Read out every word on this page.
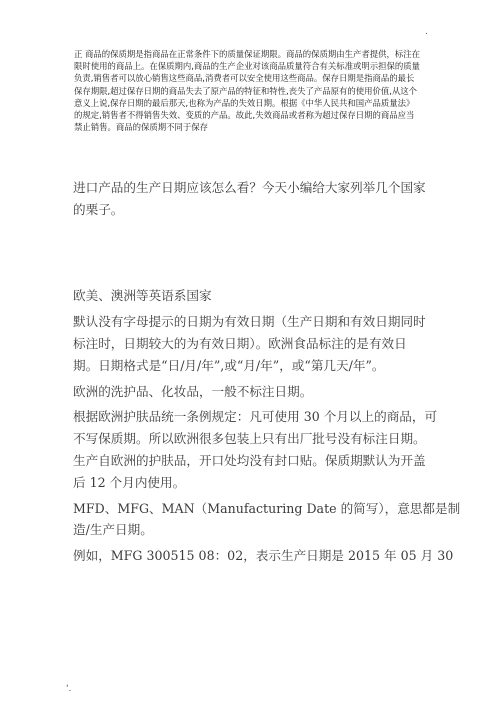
.
正 商品的保质期是指商品在正常条件下的质量保证期限。商品的保质期由生产者提供，标注在
限时使用的商品上。在保质期内,商品的生产企业对该商品质量符合有关标准或明示担保的质量
负责,销售者可以放心销售这些商品,消费者可以安全使用这些商品。保存日期是指商品的最长
保存期限,超过保存日期的商品失去了原产品的特征和特性,丧失了产品原有的使用价值,从这个
意义上说,保存日期的最后那天,也称为产品的失效日期。根据《中华人民共和国产品质量法》
的规定,销售者不得销售失效、变质的产品。故此,失效商品或者称为超过保存日期的商品应当
禁止销售。商品的保质期不同于保存

进口产品的生产日期应该怎么看？今天小编给大家列举几个国家
的栗子。

欧美、澳洲等英语系国家

默认没有字母提示的日期为有效日期（生产日期和有效日期同时
标注时，日期较大的为有效日期）。欧洲食品标注的是有效日
期。日期格式是“日/月/年”,或“月/年”，或“第几天/年”。

欧洲的洗护品、化妆品，一般不标注日期。

根据欧洲护肤品统一条例规定：凡可使用 30 个月以上的商品，可
不写保质期。所以欧洲很多包装上只有出厂批号没有标注日期。
生产自欧洲的护肤品，开口处均没有封口贴。保质期默认为开盖
后 12 个月内使用。

MFD、MFG、MAN（Manufacturing Date 的简写），意思都是制
造/生产日期。

例如，MFG 300515 08：02，表示生产日期是 2015 年 05 月 30

'.
